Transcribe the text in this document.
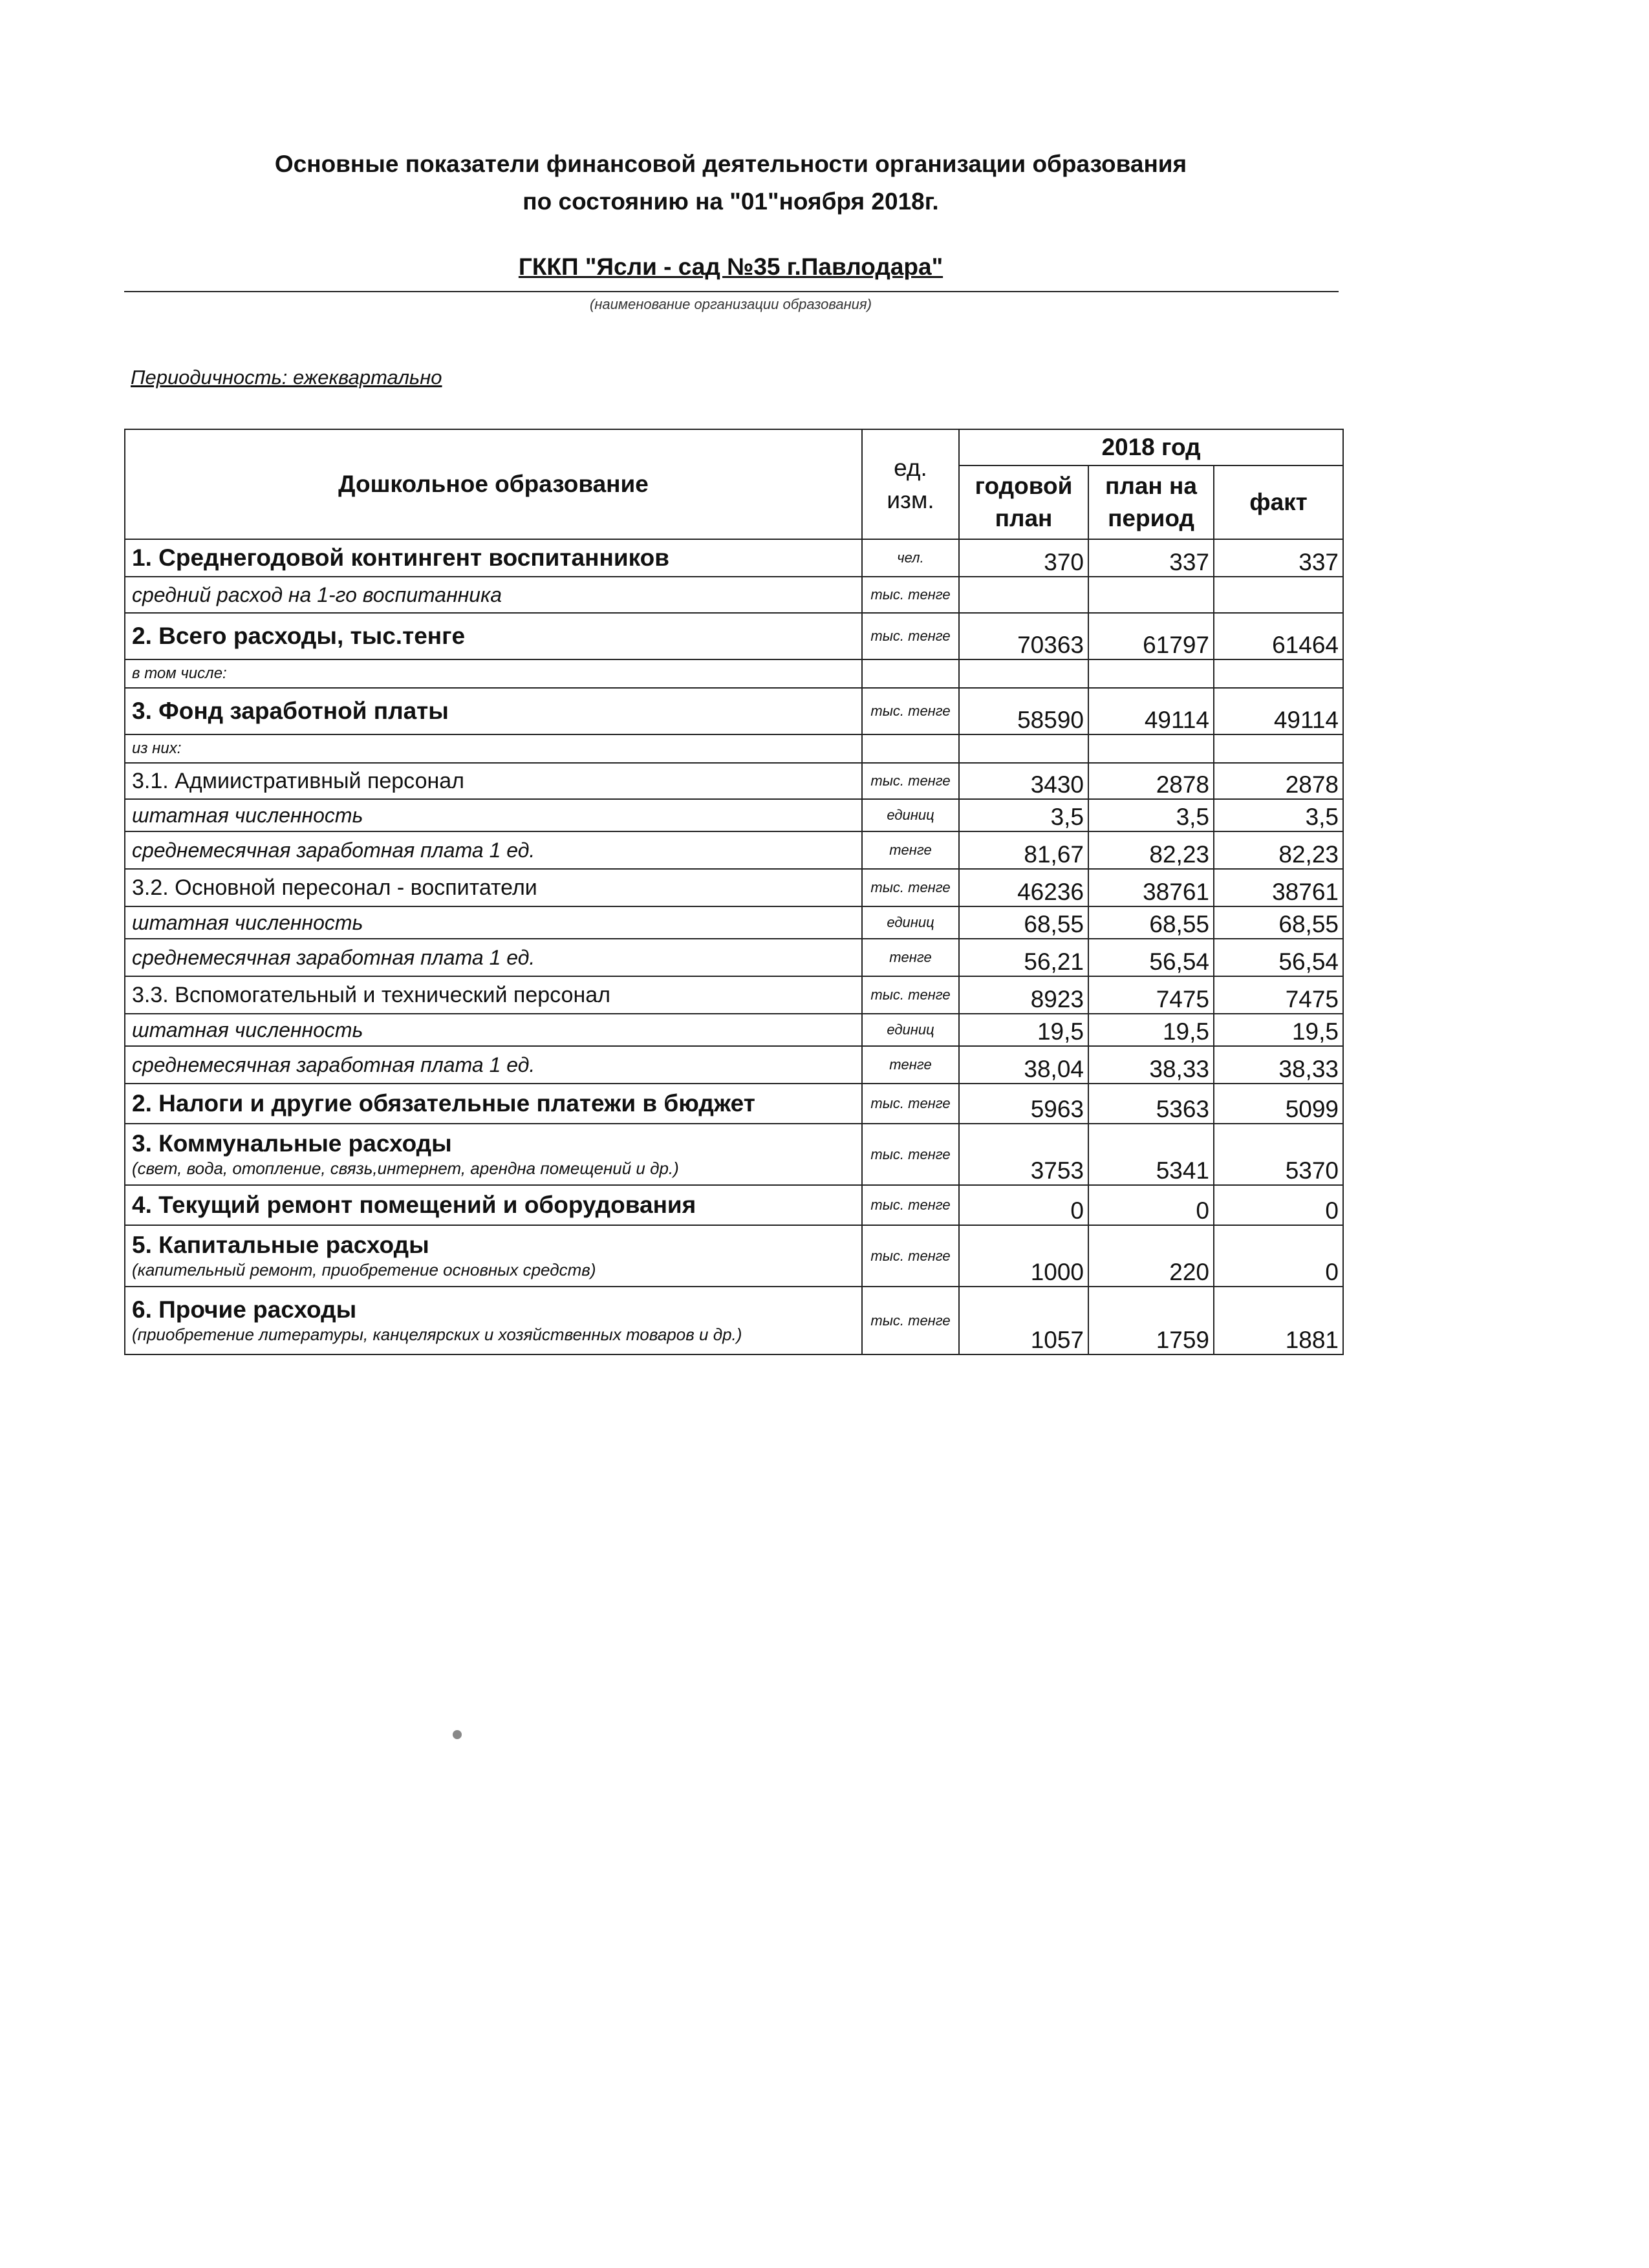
Основные показатели финансовой деятельности организации образования
по состоянию на "01"ноября 2018г.
ГККП "Ясли - сад №35 г.Павлодара"
(наименование организации образования)
Периодичность: ежеквартально
Дошкольное образование	ед. изм.	2018 год		
		годовой план	план на период	факт
1. Среднегодовой контингент воспитанников	чел.	370	337	337
средний расход на 1-го воспитанника	тыс. тенге			
2. Всего расходы, тыс.тенге	тыс. тенге	70363	61797	61464
в том числе:				
3. Фонд заработной платы	тыс. тенге	58590	49114	49114
из них:				
3.1. Адмиистративный персонал	тыс. тенге	3430	2878	2878
штатная численность	единиц	3,5	3,5	3,5
среднемесячная заработная плата 1 ед.	тенге	81,67	82,23	82,23
3.2. Основной пересонал - воспитатели	тыс. тенге	46236	38761	38761
штатная численность	единиц	68,55	68,55	68,55
среднемесячная заработная плата 1 ед.	тенге	56,21	56,54	56,54
3.3. Вспомогательный и технический персонал	тыс. тенге	8923	7475	7475
штатная численность	единиц	19,5	19,5	19,5
среднемесячная заработная плата 1 ед.	тенге	38,04	38,33	38,33
2. Налоги и другие обязательные платежи в бюджет	тыс. тенге	5963	5363	5099
3. Коммунальные расходы
(свет, вода, отопление, связь,интернет, арендна помещений и др.)	тыс. тенге	3753	5341	5370
4. Текущий ремонт помещений и оборудования	тыс. тенге	0	0	0
5. Капитальные расходы
(капительный ремонт, приобретение основных средств)	тыс. тенге	1000	220	0
6. Прочие расходы
(приобретение литературы, канцелярских и хозяйственных товаров и др.)	тыс. тенге	1057	1759	1881
